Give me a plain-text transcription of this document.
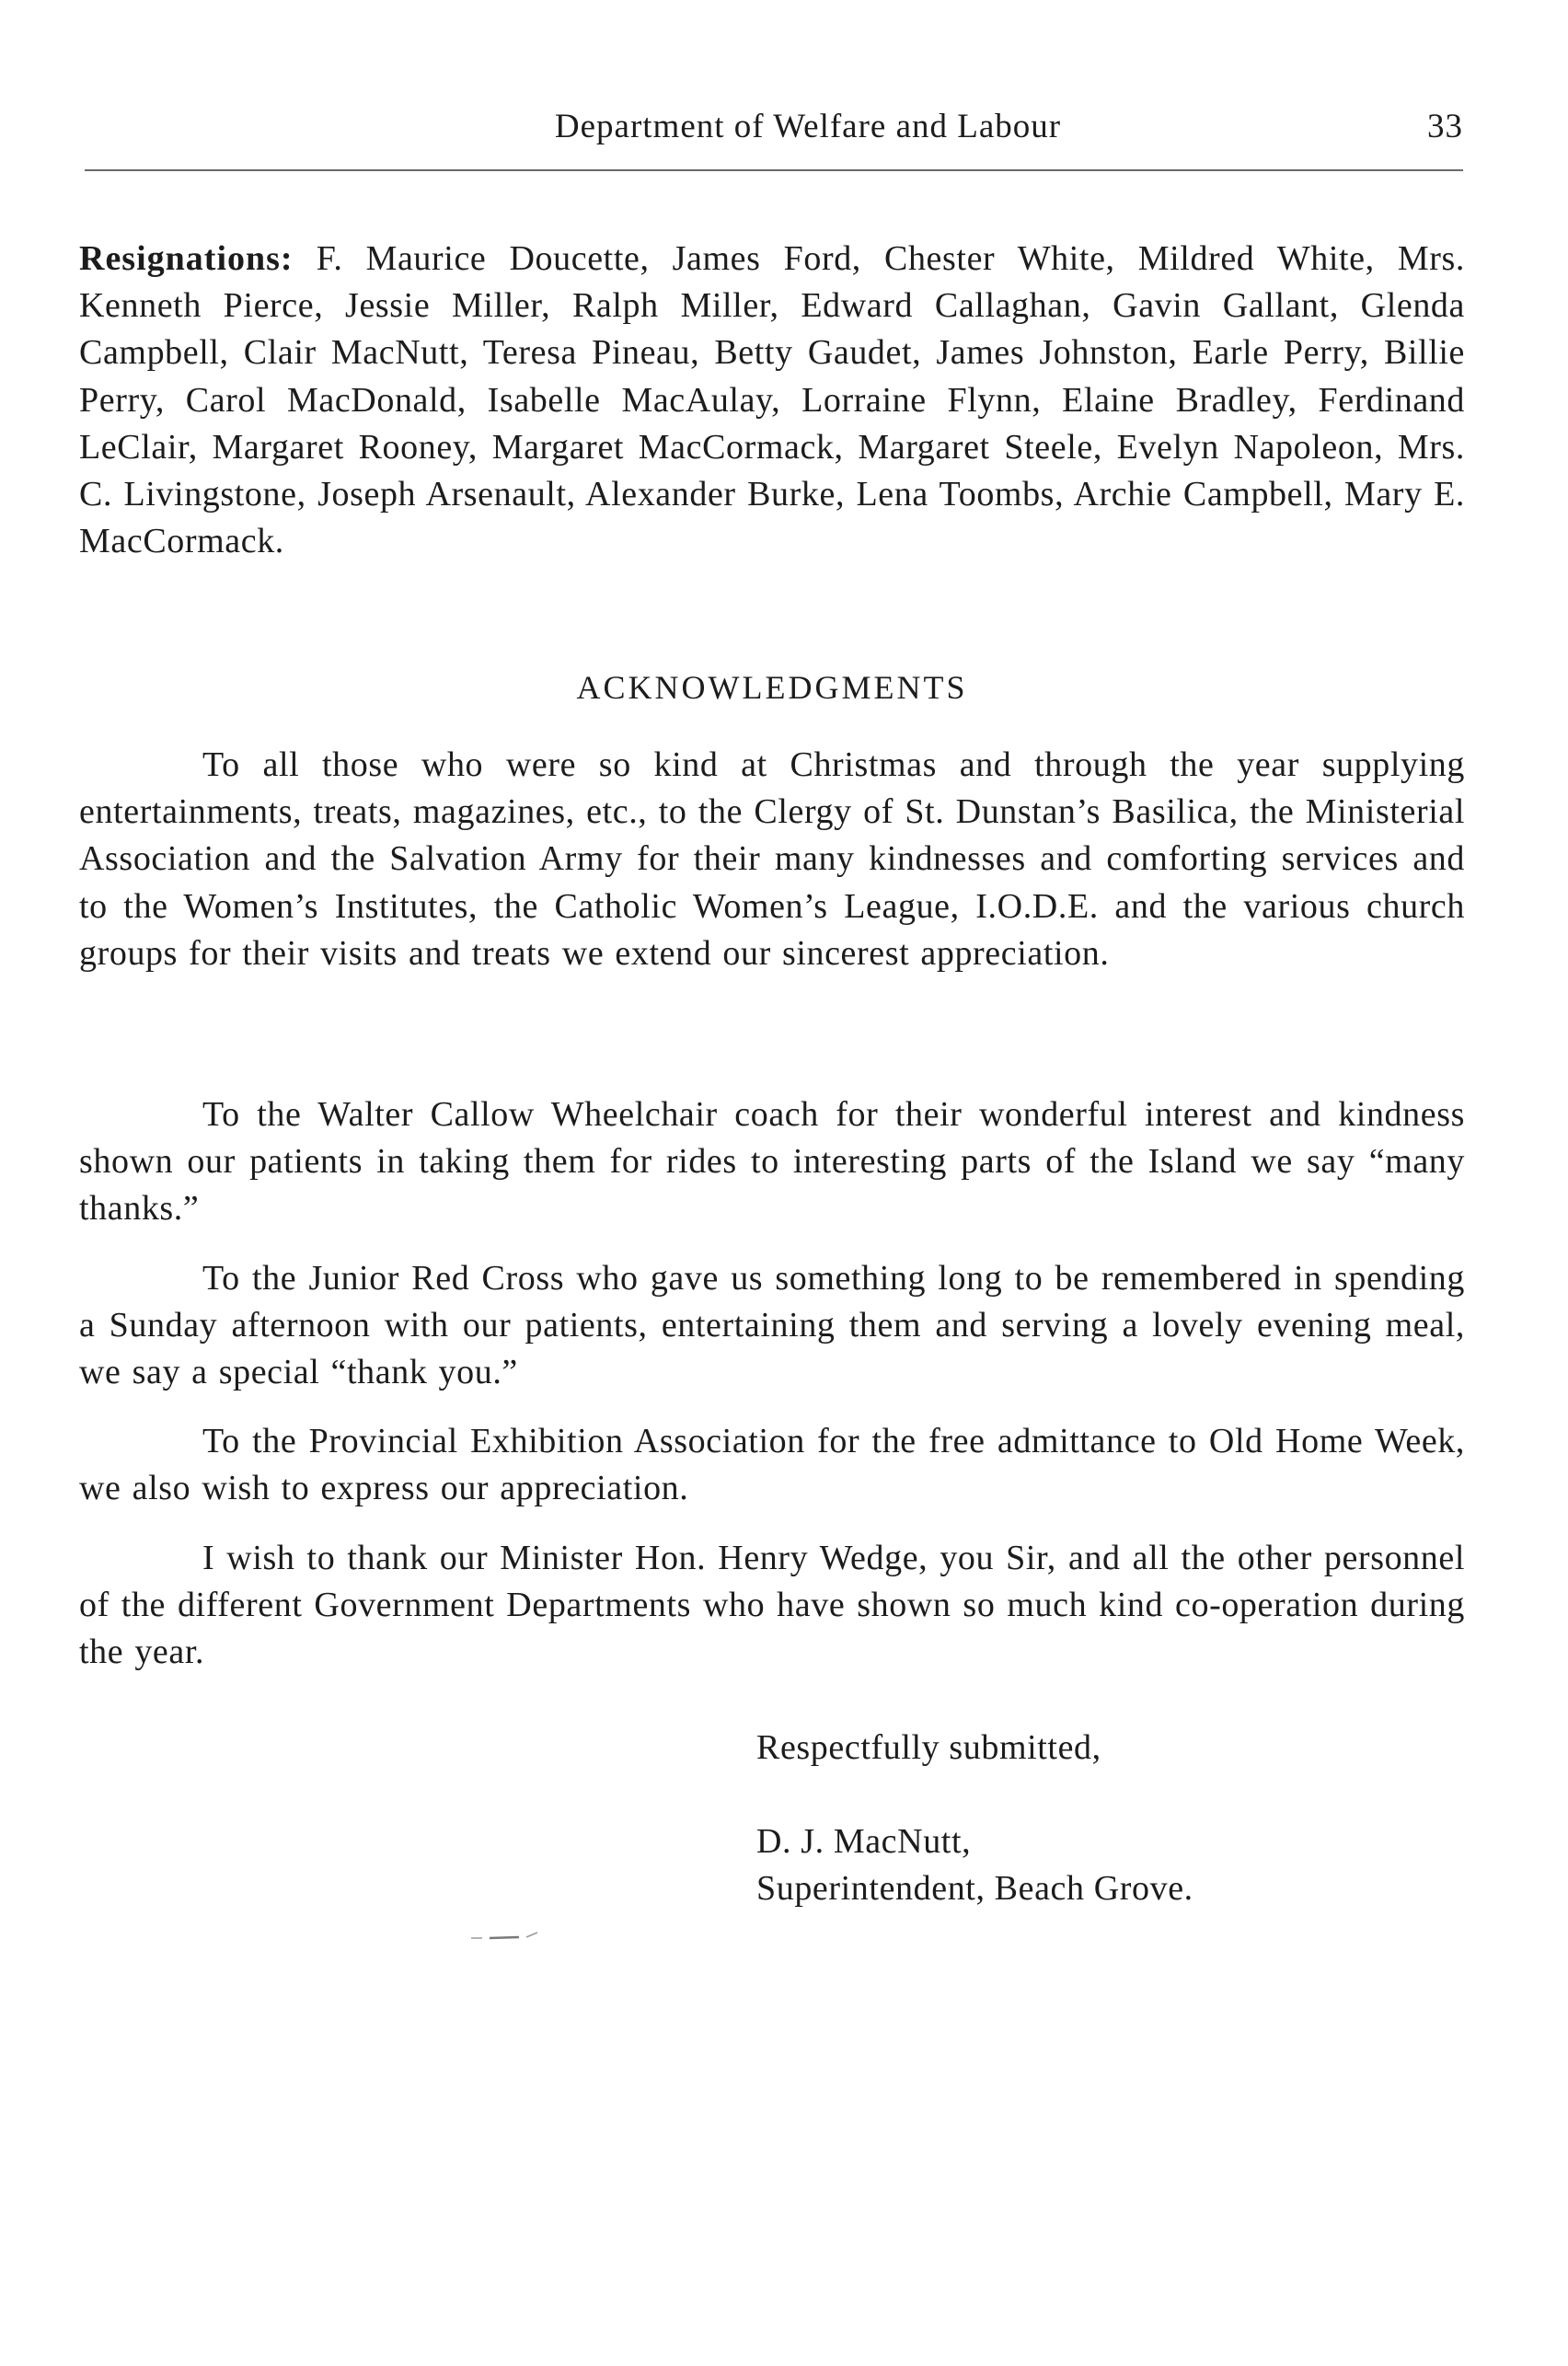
Department of Welfare and Labour	33

Resignations: F. Maurice Doucette, James Ford, Chester White, Mildred White, Mrs. Kenneth Pierce, Jessie Miller, Ralph Miller, Edward Callaghan, Gavin Gallant, Glenda Campbell, Clair MacNutt, Teresa Pineau, Betty Gaudet, James Johnston, Earle Perry, Billie Perry, Carol MacDonald, Isabelle MacAulay, Lorraine Flynn, Elaine Bradley, Ferdinand LeClair, Margaret Rooney, Margaret MacCormack, Margaret Steele, Evelyn Napoleon, Mrs. C. Livingstone, Joseph Arsenault, Alexander Burke, Lena Toombs, Archie Campbell, Mary E. MacCormack.

ACKNOWLEDGMENTS

To all those who were so kind at Christmas and through the year supplying entertainments, treats, magazines, etc., to the Clergy of St. Dunstan’s Basilica, the Ministerial Association and the Salvation Army for their many kindnesses and comforting services and to the Women’s Institutes, the Catholic Women’s League, I.O.D.E. and the various church groups for their visits and treats we extend our sincerest appreciation.

To the Walter Callow Wheelchair coach for their wonderful interest and kindness shown our patients in taking them for rides to interesting parts of the Island we say “many thanks.”

To the Junior Red Cross who gave us something long to be remembered in spending a Sunday afternoon with our patients, entertaining them and serving a lovely evening meal, we say a special “thank you.”

To the Provincial Exhibition Association for the free admittance to Old Home Week, we also wish to express our appreciation.

I wish to thank our Minister Hon. Henry Wedge, you Sir, and all the other personnel of the different Government Departments who have shown so much kind co-operation during the year.

Respectfully submitted,
D. J. MacNutt,
Superintendent, Beach Grove.
